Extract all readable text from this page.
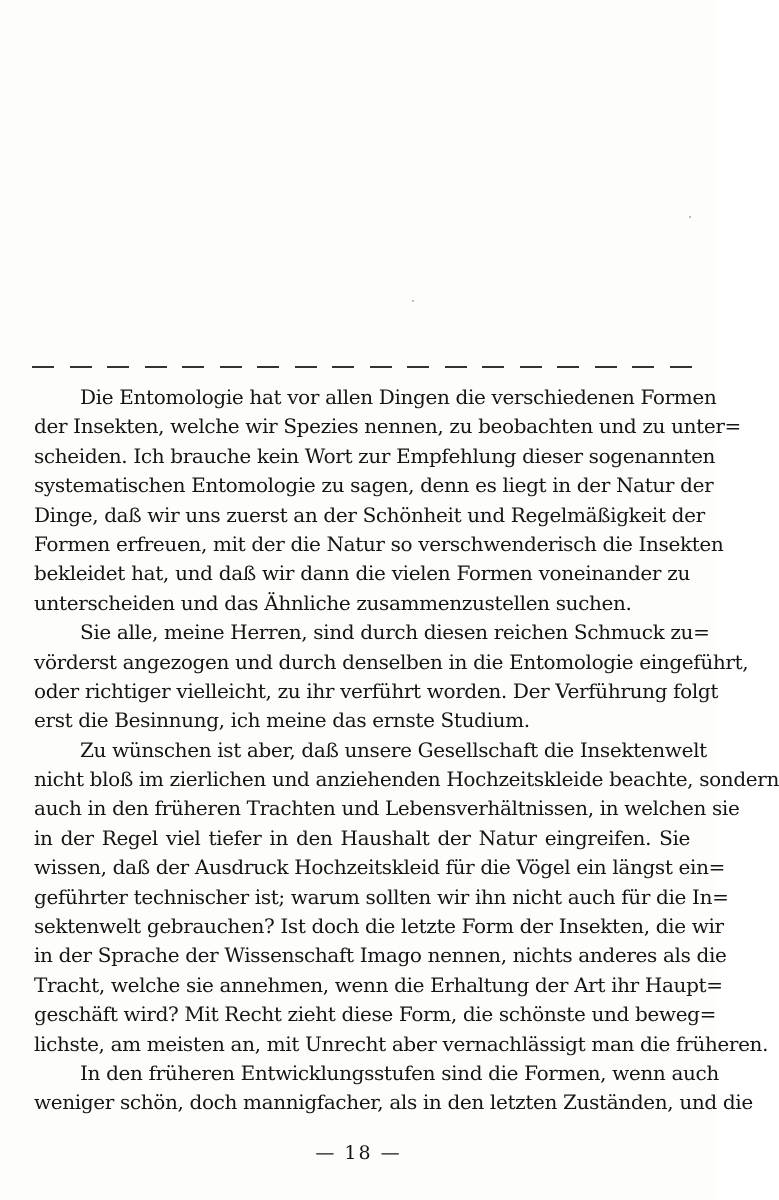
Die Entomologie hat vor allen Dingen die verschiedenen Formen
der Insekten, welche wir Spezies nennen, zu beobachten und zu unter=
scheiden. Ich brauche kein Wort zur Empfehlung dieser sogenannten
systematischen Entomologie zu sagen, denn es liegt in der Natur der
Dinge, daß wir uns zuerst an der Schönheit und Regelmäßigkeit der
Formen erfreuen, mit der die Natur so verschwenderisch die Insekten
bekleidet hat, und daß wir dann die vielen Formen voneinander zu
unterscheiden und das Ähnliche zusammenzustellen suchen.
Sie alle, meine Herren, sind durch diesen reichen Schmuck zu=
vörderst angezogen und durch denselben in die Entomologie eingeführt,
oder richtiger vielleicht, zu ihr verführt worden. Der Verführung folgt
erst die Besinnung, ich meine das ernste Studium.
Zu wünschen ist aber, daß unsere Gesellschaft die Insektenwelt
nicht bloß im zierlichen und anziehenden Hochzeitskleide beachte, sondern
auch in den früheren Trachten und Lebensverhältnissen, in welchen sie
in der Regel viel tiefer in den Haushalt der Natur eingreifen. Sie
wissen, daß der Ausdruck Hochzeitskleid für die Vögel ein längst ein=
geführter technischer ist; warum sollten wir ihn nicht auch für die In=
sektenwelt gebrauchen? Ist doch die letzte Form der Insekten, die wir
in der Sprache der Wissenschaft Imago nennen, nichts anderes als die
Tracht, welche sie annehmen, wenn die Erhaltung der Art ihr Haupt=
geschäft wird? Mit Recht zieht diese Form, die schönste und beweg=
lichste, am meisten an, mit Unrecht aber vernachlässigt man die früheren.
In den früheren Entwicklungsstufen sind die Formen, wenn auch
weniger schön, doch mannigfacher, als in den letzten Zuständen, und die
— 18 —
